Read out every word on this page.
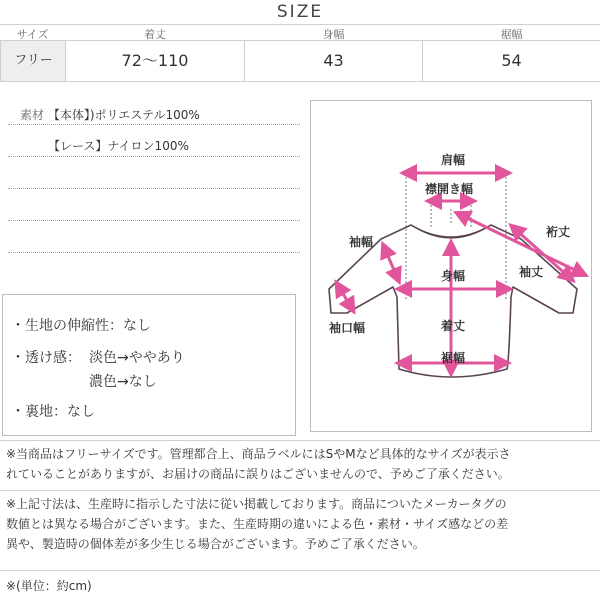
SIZE
サイズ	着丈	身幅	裾幅
フリー	72〜110	43	54
素材 【本体】)ポリエステル100%
【レース】ナイロン100%
・生地の伸縮性：なし
・透け感： 淡色→ややあり
濃色→なし
・裏地：なし
肩幅
襟開き幅
裄丈
袖丈
袖幅
身幅
袖口幅	着丈
裾幅
※当商品はフリーサイズです。管理都合上、商品ラベルにはSやMなど具体的なサイズが表示さ
れていることがありますが、お届けの商品に誤りはございませんので、予めご了承ください。
※上記寸法は、生産時に指示した寸法に従い掲載しております。商品についたメーカータグの
数値とは異なる場合がございます。また、生産時期の違いによる色・素材・サイズ感などの差
異や、製造時の個体差が多少生じる場合がございます。予めご了承ください。
※(単位：約cm)
